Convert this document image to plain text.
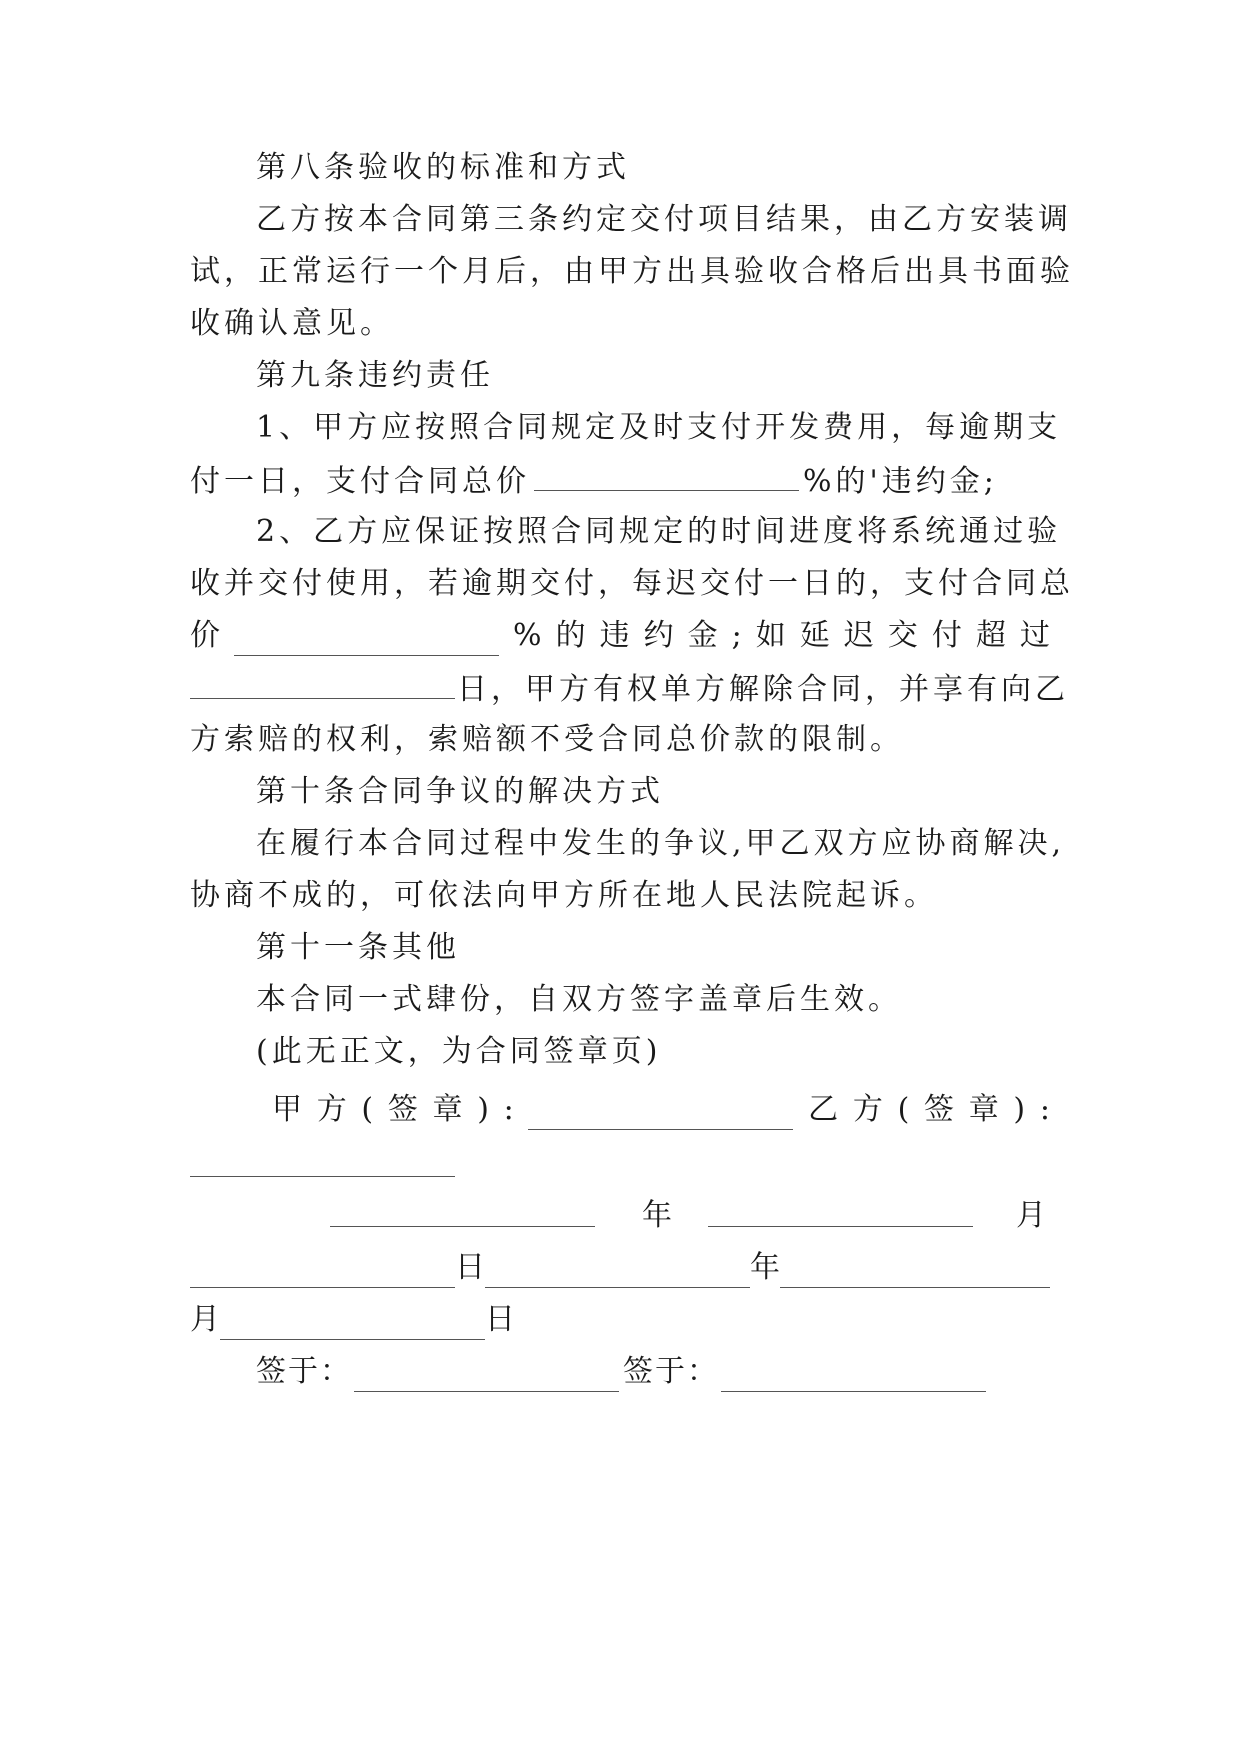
第八条验收的标准和方式
乙方按本合同第三条约定交付项目结果，由乙方安装调
试，正常运行一个月后，由甲方出具验收合格后出具书面验
收确认意见。
第九条违约责任
1、甲方应按照合同规定及时支付开发费用，每逾期支
付一日，支付合同总价	%的'违约金;
2、乙方应保证按照合同规定的时间进度将系统通过验
收并交付使用，若逾期交付，每迟交付一日的，支付合同总
价	% 的 违 约 金 ; 如 延 迟 交 付 超 过
日，甲方有权单方解除合同，并享有向乙
方索赔的权利，索赔额不受合同总价款的限制。
第十条合同争议的解决方式
在履行本合同过程中发生的争议,甲乙双方应协商解决,
协商不成的，可依法向甲方所在地人民法院起诉。
第十一条其他
本合同一式肆份，自双方签字盖章后生效。
(此无正文，为合同签章页)
甲 方 ( 签 章 ) :	乙 方 ( 签 章 ) :
年	月
日	年
月	日
签于：	签于：
